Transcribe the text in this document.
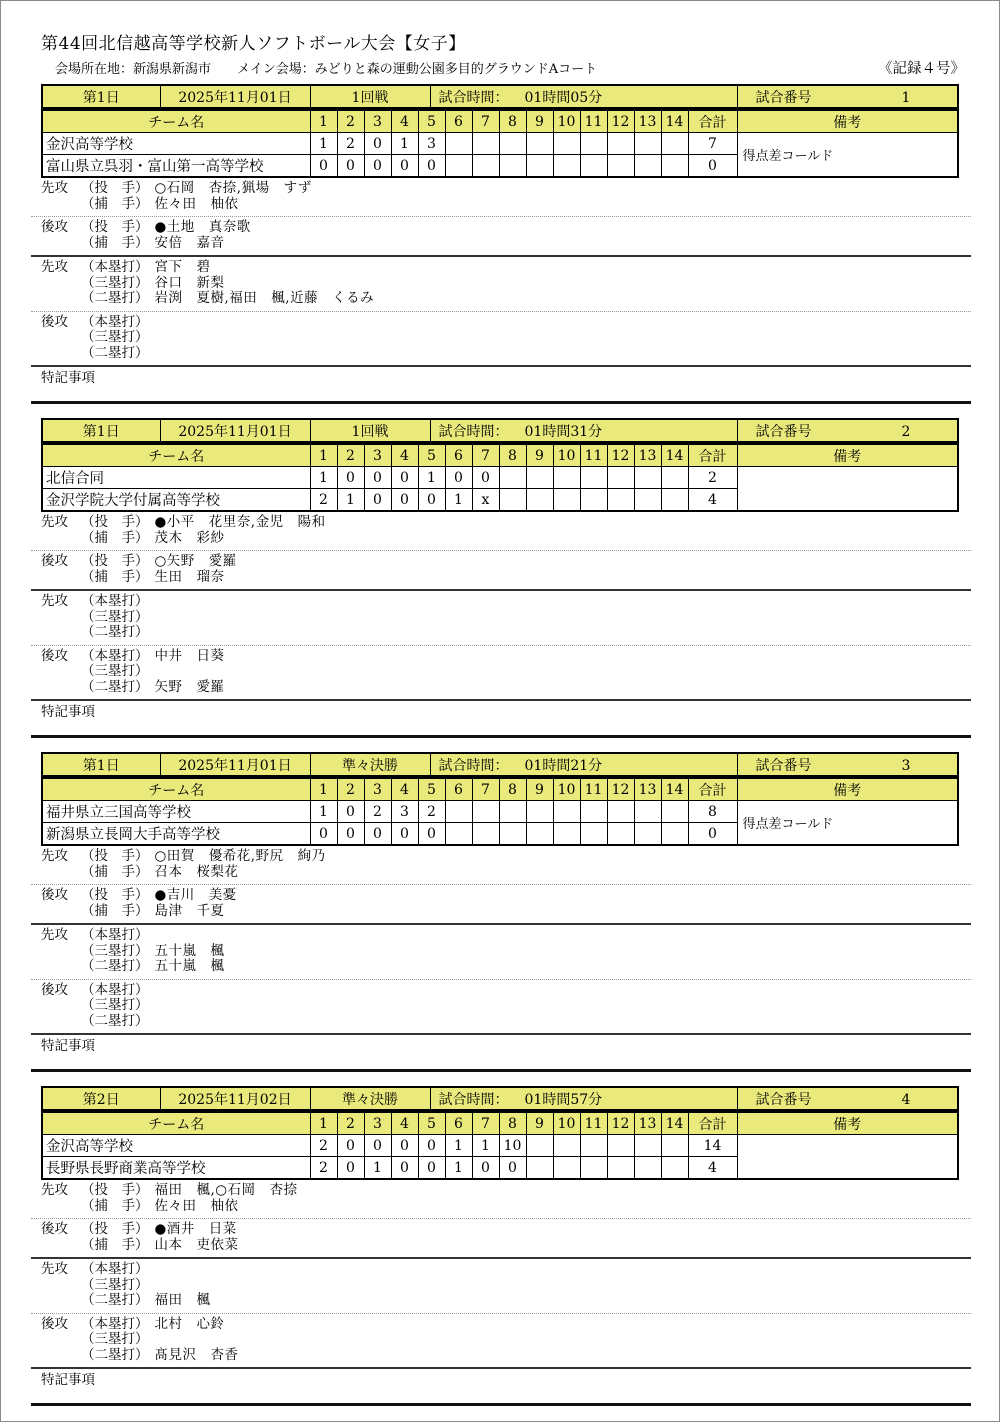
第44回北信越高等学校新人ソフトボール大会【女子】
会場所在地：新潟県新潟市　　メイン会場：みどりと森の運動公園多目的グラウンドAコート	《記録４号》
第1日	2025年11月01日	1回戦	試合時間： 01時間05分	試合番号	1
チーム名	1	2	3	4	5	6	7	8	9	10	11	12	13	14	合計	備考
金沢高等学校	1	2	0	1	3										7	得点差コールド
富山県立呉羽・富山第一高等学校	0	0	0	0	0										0	
先攻 （投　手） ○石岡　杏捺,猟場　すず
（捕　手） 佐々田　柚依
後攻 （投　手） ●土地　真奈歌
（捕　手） 安倍　嘉音
先攻 （本塁打） 宮下　碧
（三塁打） 谷口　新梨
（二塁打） 岩渕　夏樹,福田　楓,近藤　くるみ
後攻 （本塁打）
（三塁打）
（二塁打）
特記事項
第1日	2025年11月01日	1回戦	試合時間： 01時間31分	試合番号	2
チーム名	1	2	3	4	5	6	7	8	9	10	11	12	13	14	合計	備考
北信合同	1	0	0	0	1	0	0								2	
金沢学院大学付属高等学校	2	1	0	0	0	1	x								4	
先攻 （投　手） ●小平　花里奈,金児　陽和
（捕　手） 茂木　彩紗
後攻 （投　手） ○矢野　愛羅
（捕　手） 生田　瑠奈
先攻 （本塁打）
（三塁打）
（二塁打）
後攻 （本塁打） 中井　日葵
（三塁打）
（二塁打） 矢野　愛羅
特記事項
第1日	2025年11月01日	準々決勝	試合時間： 01時間21分	試合番号	3
チーム名	1	2	3	4	5	6	7	8	9	10	11	12	13	14	合計	備考
福井県立三国高等学校	1	0	2	3	2										8	得点差コールド
新潟県立長岡大手高等学校	0	0	0	0	0										0	
先攻 （投　手） ○田賀　優希花,野尻　絢乃
（捕　手） 召本　桜梨花
後攻 （投　手） ●吉川　美憂
（捕　手） 島津　千夏
先攻 （本塁打）
（三塁打） 五十嵐　楓
（二塁打） 五十嵐　楓
後攻 （本塁打）
（三塁打）
（二塁打）
特記事項
第2日	2025年11月02日	準々決勝	試合時間： 01時間57分	試合番号	4
チーム名	1	2	3	4	5	6	7	8	9	10	11	12	13	14	合計	備考
金沢高等学校	2	0	0	0	0	1	1	10							14	
長野県長野商業高等学校	2	0	1	0	0	1	0	0							4	
先攻 （投　手） 福田　楓,○石岡　杏捺
（捕　手） 佐々田　柚依
後攻 （投　手） ●酒井　日菜
（捕　手） 山本　吏依菜
先攻 （本塁打）
（三塁打）
（二塁打） 福田　楓
後攻 （本塁打） 北村　心鈴
（三塁打）
（二塁打） 髙見沢　杏香
特記事項
